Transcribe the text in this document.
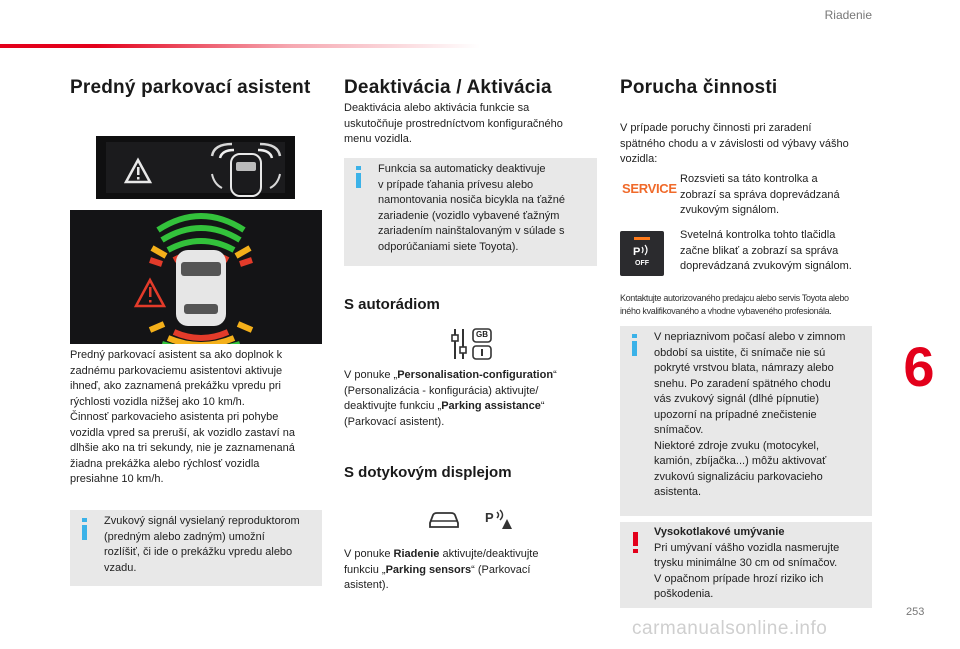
Riadenie
Predný parkovací asistent
Predný parkovací asistent sa ako doplnok k
zadnému parkovaciemu asistentovi aktivuje
ihneď, ako zaznamená prekážku vpredu pri
rýchlosti vozidla nižšej ako 10 km/h.
Činnosť parkovacieho asistenta pri pohybe
vozidla vpred sa preruší, ak vozidlo zastaví na
dlhšie ako na tri sekundy, nie je zaznamenaná
žiadna prekážka alebo rýchlosť vozidla
presiahne 10 km/h.
Zvukový signál vysielaný reproduktorom
(predným alebo zadným) umožní
rozlíšiť, či ide o prekážku vpredu alebo
vzadu.
Deaktivácia / Aktivácia
Deaktivácia alebo aktivácia funkcie sa
uskutočňuje prostredníctvom konfiguračného
menu vozidla.
Funkcia sa automaticky deaktivuje
v prípade ťahania prívesu alebo
namontovania nosiča bicykla na ťažné
zariadenie (vozidlo vybavené ťažným
zariadením nainštalovaným v súlade s
odporúčaniami siete Toyota).
S autorádiom
GB
V ponuke „Personalisation-configuration“
(Personalizácia - konfigurácia) aktivujte/
deaktivujte funkciu „Parking assistance“
(Parkovací asistent).
S dotykovým displejom
P
V ponuke Riadenie aktivujte/deaktivujte
funkciu „Parking sensors“ (Parkovací
asistent).
Porucha činnosti
V prípade poruchy činnosti pri zaradení
spätného chodu a v závislosti od výbavy vášho
vozidla:
SERVICE
Rozsvieti sa táto kontrolka a
zobrazí sa správa doprevádzaná
zvukovým signálom.
P
OFF
Svetelná kontrolka tohto tlačidla
začne blikať a zobrazí sa správa
doprevádzaná zvukovým signálom.
Kontaktujte autorizovaného predajcu alebo servis Toyota alebo
iného kvalifikovaného a vhodne vybaveného profesionála.
V nepriaznivom počasí alebo v zimnom
období sa uistite, či snímače nie sú
pokryté vrstvou blata, námrazy alebo
snehu. Po zaradení spätného chodu
vás zvukový signál (dlhé pípnutie)
upozorní na prípadné znečistenie
snímačov.
Niektoré zdroje zvuku (motocykel,
kamión, zbíjačka...) môžu aktivovať
zvukovú signalizáciu parkovacieho
asistenta.
Vysokotlakové umývanie
Pri umývaní vášho vozidla nasmerujte
trysku minimálne 30 cm od snímačov.
V opačnom prípade hrozí riziko ich
poškodenia.
6
253
carmanualsonline.info
